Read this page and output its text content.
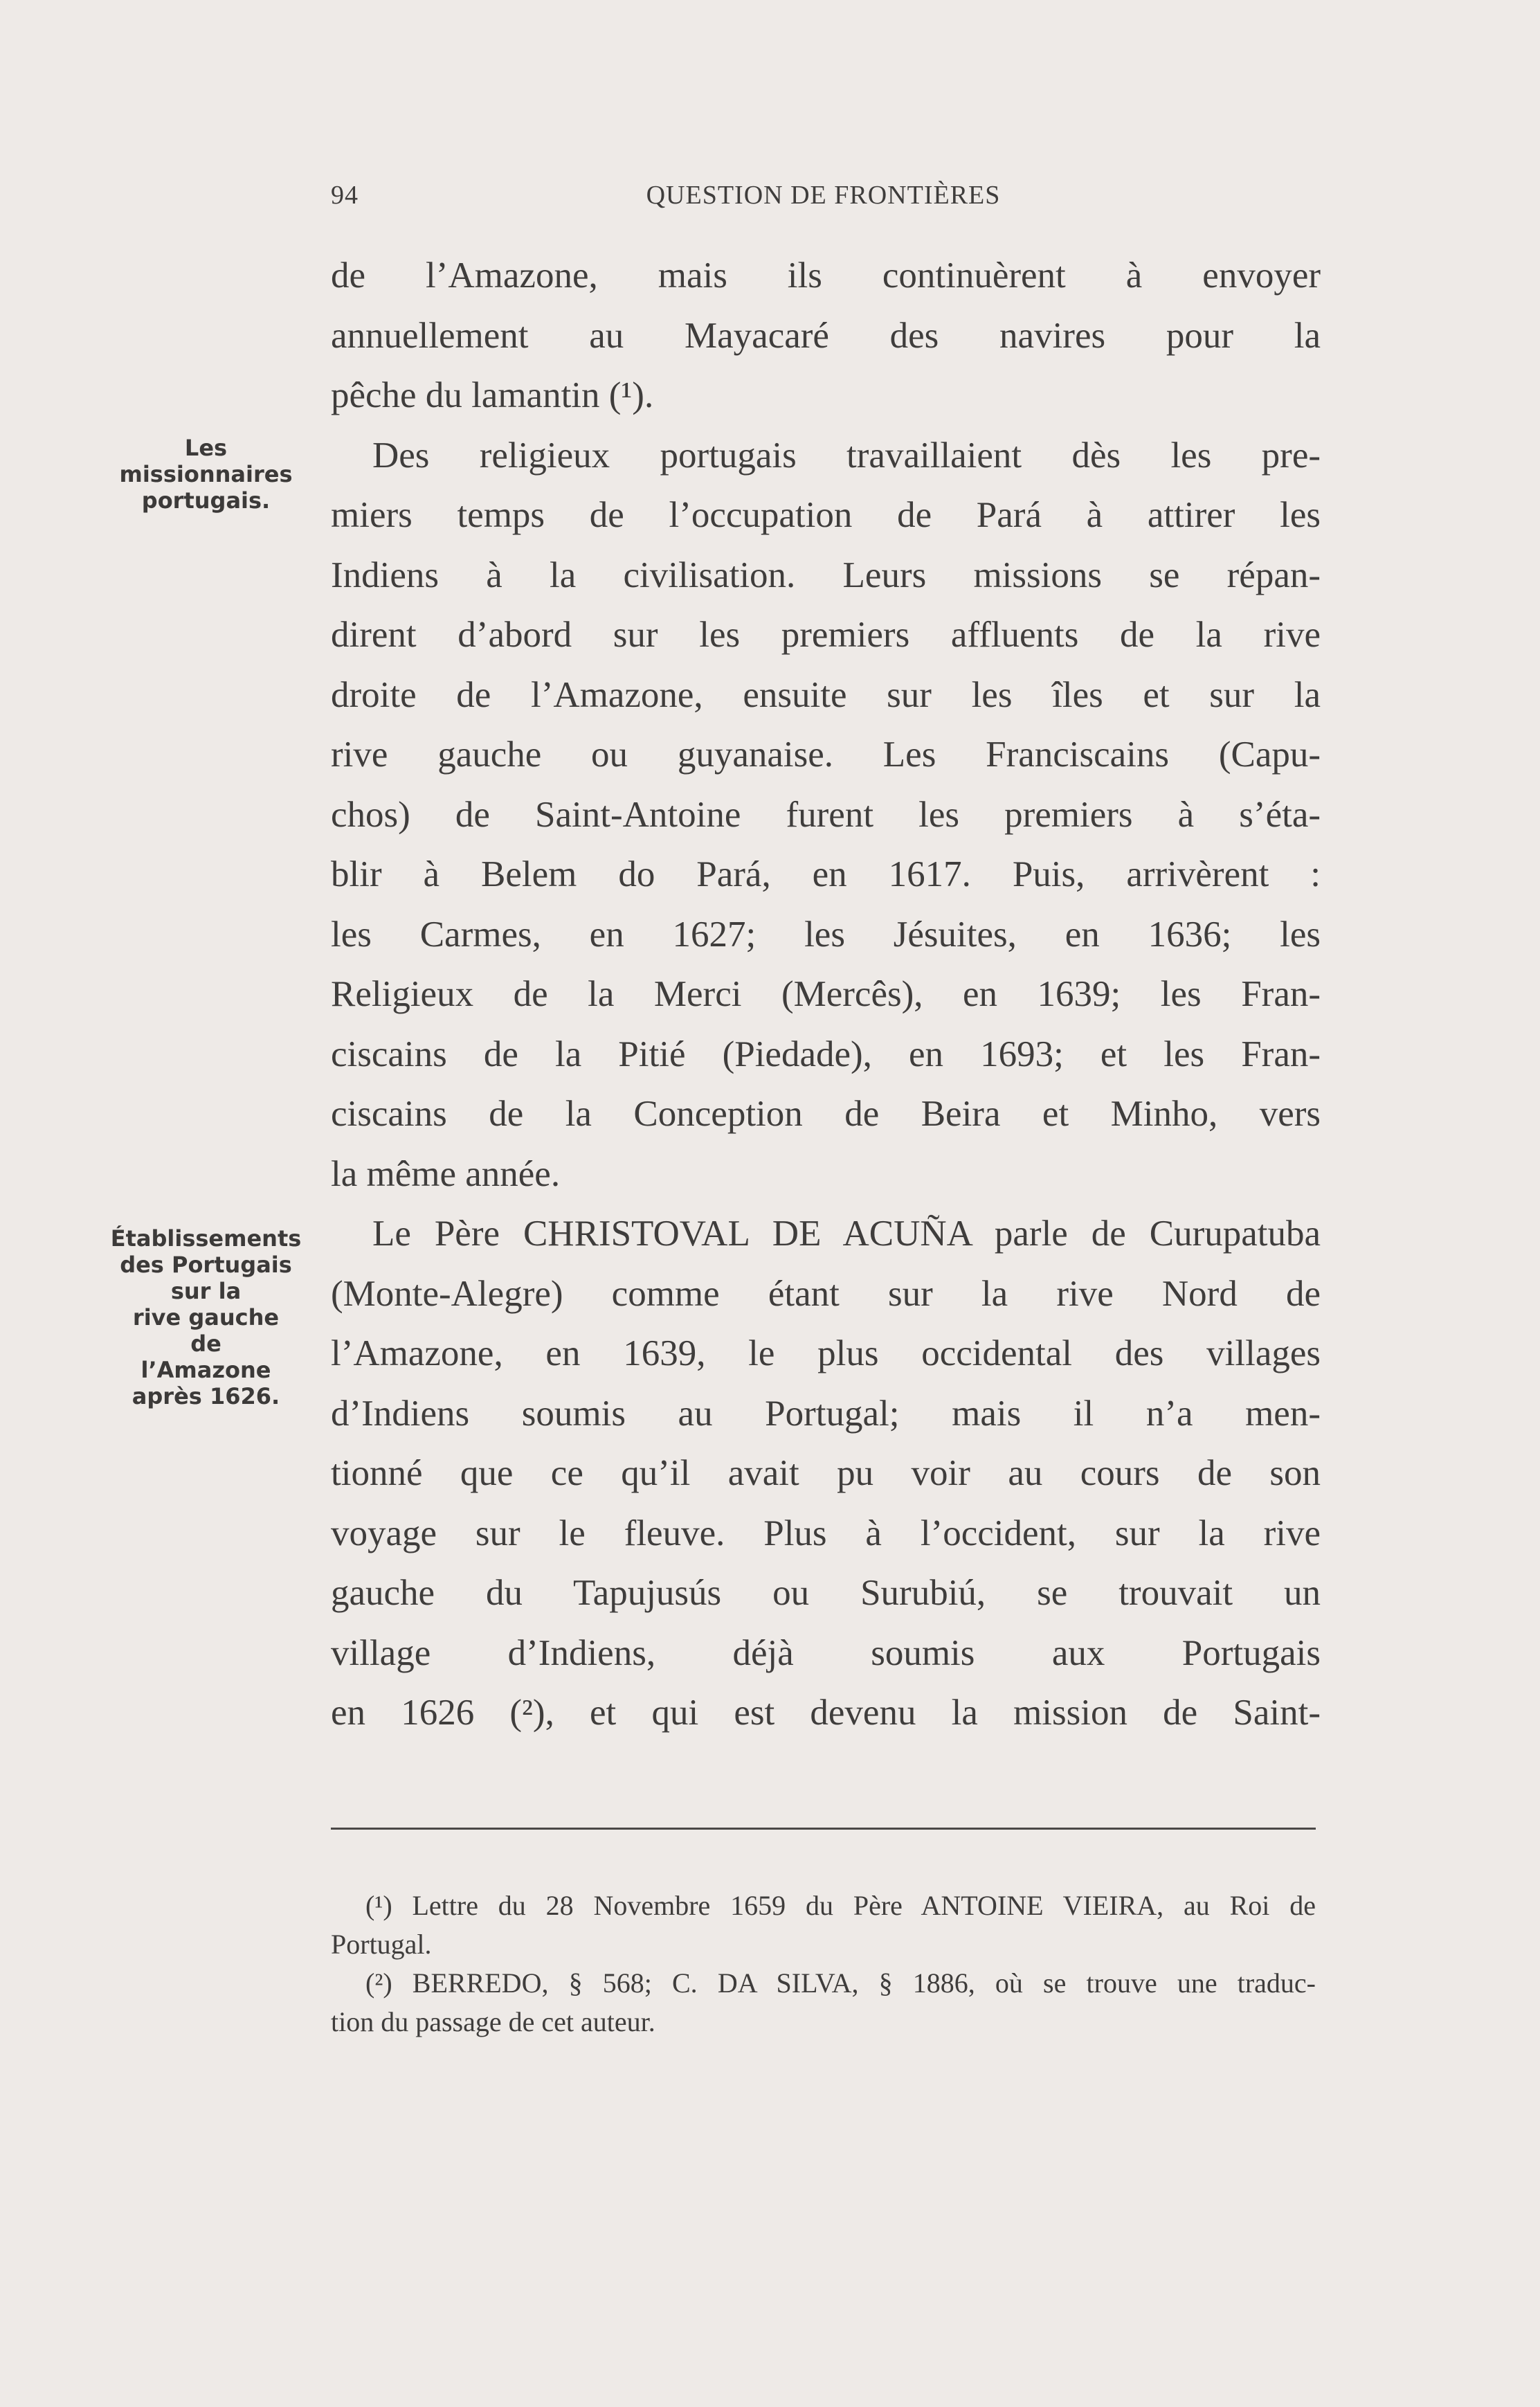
94	QUESTION DE FRONTIÈRES
Les
missionnaires
portugais.
Établissements
des Portugais
sur la
rive gauche
de
l’Amazone
après 1626.
de l’Amazone, mais ils continuèrent à envoyer
annuellement au Mayacaré des navires pour la
pêche du lamantin (¹).
Des religieux portugais travaillaient dès les pre-
miers temps de l’occupation de Pará à attirer les
Indiens à la civilisation. Leurs missions se répan-
dirent d’abord sur les premiers affluents de la rive
droite de l’Amazone, ensuite sur les îles et sur la
rive gauche ou guyanaise. Les Franciscains (Capu-
chos) de Saint-Antoine furent les premiers à s’éta-
blir à Belem do Pará, en 1617. Puis, arrivèrent :
les Carmes, en 1627; les Jésuites, en 1636; les
Religieux de la Merci (Mercês), en 1639; les Fran-
ciscains de la Pitié (Piedade), en 1693; et les Fran-
ciscains de la Conception de Beira et Minho, vers
la même année.
Le Père CHRISTOVAL DE ACUÑA parle de Curupatuba
(Monte-Alegre) comme étant sur la rive Nord de
l’Amazone, en 1639, le plus occidental des villages
d’Indiens soumis au Portugal; mais il n’a men-
tionné que ce qu’il avait pu voir au cours de son
voyage sur le fleuve. Plus à l’occident, sur la rive
gauche du Tapujusús ou Surubiú, se trouvait un
village d’Indiens, déjà soumis aux Portugais
en 1626 (²), et qui est devenu la mission de Saint-
(¹) Lettre du 28 Novembre 1659 du Père ANTOINE VIEIRA, au Roi de
Portugal.
(²) BERREDO, § 568; C. DA SILVA, § 1886, où se trouve une traduc-
tion du passage de cet auteur.
